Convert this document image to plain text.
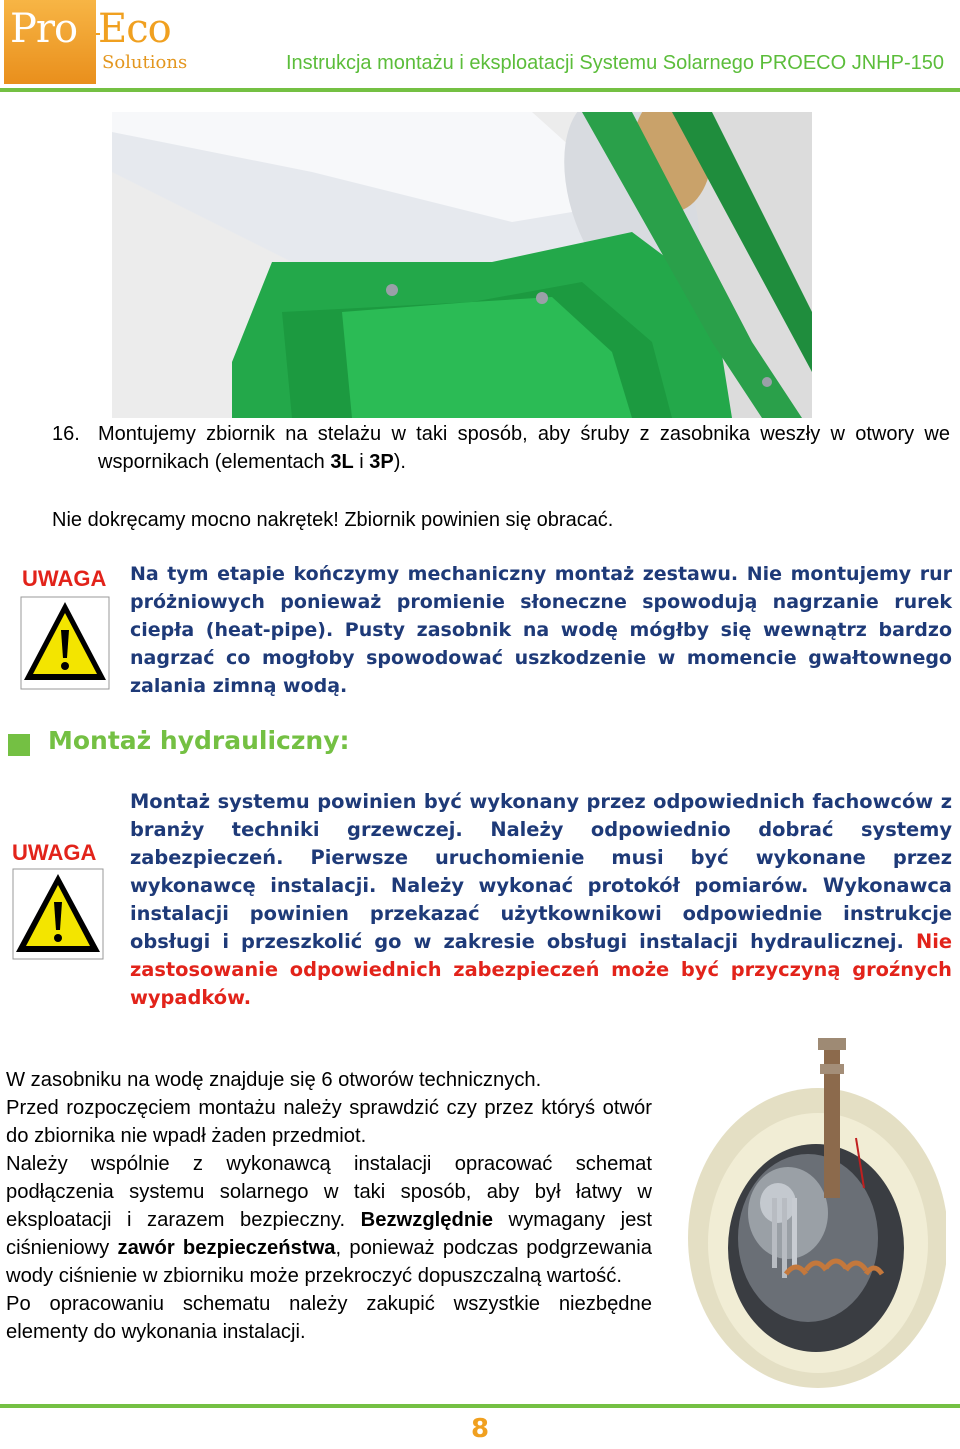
Pro Eco
Solutions	Instrukcja montażu i eksploatacji Systemu Solarnego PROECO JNHP-150
16. Montujemy zbiornik na stelażu w taki sposób, aby śruby z zasobnika weszły w otwory we wspornikach (elementach 3L i 3P).
Nie dokręcamy mocno nakrętek! Zbiornik powinien się obracać.
UWAGA Na tym etapie kończymy mechaniczny montaż zestawu. Nie montujemy rur próżniowych ponieważ promienie słoneczne spowodują nagrzanie rurek ciepła (heat-pipe). Pusty zasobnik na wodę mógłby się wewnątrz bardzo nagrzać co mogłoby spowodować uszkodzenie w momencie gwałtownego zalania zimną wodą.
Montaż hydrauliczny:
UWAGA
Montaż systemu powinien być wykonany przez odpowiednich fachowców z branży techniki grzewczej. Należy odpowiednio dobrać systemy zabezpieczeń. Pierwsze uruchomienie musi być wykonane przez wykonawcę instalacji. Należy wykonać protokół pomiarów. Wykonawca instalacji powinien przekazać użytkownikowi odpowiednie instrukcje obsługi i przeszkolić go w zakresie obsługi instalacji hydraulicznej. Nie zastosowanie odpowiednich zabezpieczeń może być przyczyną groźnych wypadków.
W zasobniku na wodę znajduje się 6 otworów technicznych.
Przed rozpoczęciem montażu należy sprawdzić czy przez któryś otwór do zbiornika nie wpadł żaden przedmiot.
Należy wspólnie z wykonawcą instalacji opracować schemat podłączenia systemu solarnego w taki sposób, aby był łatwy w eksploatacji i zarazem bezpieczny. Bezwzględnie wymagany jest ciśnieniowy zawór bezpieczeństwa, ponieważ podczas podgrzewania wody ciśnienie w zbiorniku może przekroczyć dopuszczalną wartość.
Po opracowaniu schematu należy zakupić wszystkie niezbędne elementy do wykonania instalacji.
8
